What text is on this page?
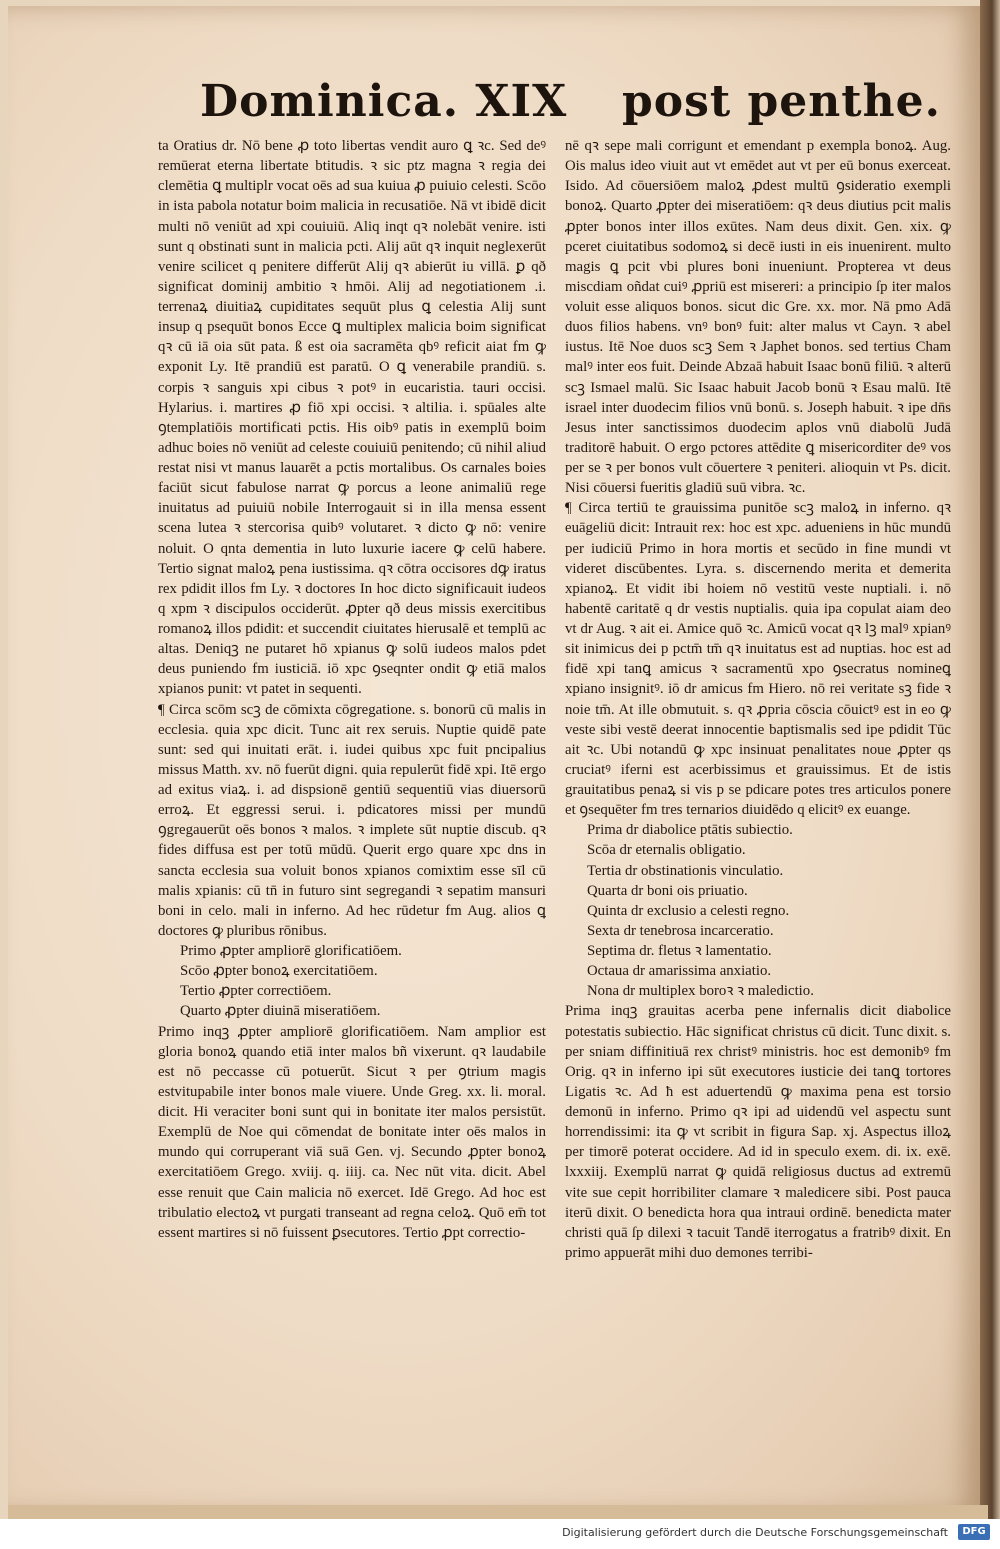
Dominica. XIX post penthe.

ta Oratius dr. Nō bene ꝓ toto libertas vendit auro ꝗ ꝛc. Sed deꝰ remūerat eterna libertate btitudis. ꝛ sic ptz magna ꝛ regia dei clemētia ꝗ multiplr vocat oēs ad sua kuiua ꝓ puiuio celesti. Scōo in ista pabola notatur boim malicia in recusatiōe. Nā vt ibidē dicit multi nō veniūt ad xpi couiuiū. Aliq inqt qꝛ nolebāt venire. isti sunt q obstinati sunt in malicia pcti. Alij aūt qꝛ inquit neglexerūt venire scilicet q penitere differūt Alij qꝛ abierūt iu villā. ꝑ qð significat dominij ambitio ꝛ hmōi. Alij ad negotiationem .i. terrenaꝝ diuitiaꝝ cupiditates sequūt plus ꝗ celestia Alij sunt insup q psequūt bonos Ecce ꝗ multiplex malicia boim significat qꝛ cū iā oia sūt pata. ß est oia sacramēta qbꝰ reficit aiat fm ꝙ exponit Ly. Itē prandiū est paratū. O ꝗ venerabile prandiū. s. corpis ꝛ sanguis xpi cibus ꝛ potꝰ in eucaristia. tauri occisi. Hylarius. i. martires ꝓ fiō xpi occisi. ꝛ altilia. i. spūales alte ꝯtemplatiōis mortificati pctis. His oibꝰ patis in exemplū boim adhuc boies nō veniūt ad celeste couiuiū penitendo; cū nihil aliud restat nisi vt manus lauarēt a pctis mortalibus. Os carnales boies faciūt sicut fabulose narrat ꝙ porcus a leone animaliū rege inuitatus ad puiuiū nobile Interrogauit si in illa mensa essent scena lutea ꝛ stercorisa quibꝰ volutaret. ꝛ dicto ꝙ nō: venire noluit. O qnta dementia in luto luxurie iacere ꝙ celū habere. Tertio signat maloꝝ pena iustissima. qꝛ cōtra occisores dꝙ iratus rex pdidit illos fm Ly. ꝛ doctores In hoc dicto significauit iudeos q xpm ꝛ discipulos occiderūt. ꝓpter qð deus missis exercitibus romanoꝝ illos pdidit: et succendit ciuitates hierusalē et templū ac altas. Deniqꝫ ne putaret hō xpianus ꝙ solū iudeos malos pdet deus puniendo fm iusticiā. iō xpc ꝯseqnter ondit ꝙ etiā malos xpianos punit: vt patet in sequenti.

¶ Circa scōm scꝫ de cōmixta cōgregatione. s. bonorū cū malis in ecclesia. quia xpc dicit. Tunc ait rex seruis. Nuptie quidē pate sunt: sed qui inuitati erāt. i. iudei quibus xpc fuit pncipalius missus Matth. xv. nō fuerūt digni. quia repulerūt fidē xpi. Itē ergo ad exitus viaꝝ. i. ad dispsionē gentiū sequentiū vias diuersorū erroꝝ. Et eggressi serui. i. pdicatores missi per mundū ꝯgregauerūt oēs bonos ꝛ malos. ꝛ implete sūt nuptie discub. qꝛ fides diffusa est per totū mūdū. Querit ergo quare xpc dns in sancta ecclesia sua voluit bonos xpianos comixtim esse sīl cū malis xpianis: cū tn̄ in futuro sint segregandi ꝛ sepatim mansuri boni in celo. mali in inferno. Ad hec rūdetur fm Aug. alios ꝗ doctores ꝙ pluribus rōnibus.

Primo ꝓpter ampliorē glorificatiōem.

Scōo ꝓpter bonoꝝ exercitatiōem.

Tertio ꝓpter correctiōem.

Quarto ꝓpter diuinā miseratiōem.

Primo inqꝫ ꝓpter ampliorē glorificatiōem. Nam amplior est gloria bonoꝝ quando etiā inter malos bñ vixerunt. qꝛ laudabile est nō peccasse cū potuerūt. Sicut ꝛ per ꝯtrium magis estvitupabile inter bonos male viuere. Unde Greg. xx. li. moral. dicit. Hi veraciter boni sunt qui in bonitate iter malos persistūt. Exemplū de Noe qui cōmendat de bonitate inter oēs malos in mundo qui corruperant viā suā Gen. vj. Secundo ꝓpter bonoꝝ exercitatiōem Grego. xviij. q. iiij. ca. Nec nūt vita. dicit. Abel esse renuit que Cain malicia nō exercet. Idē Grego. Ad hoc est tribulatio electoꝝ vt purgati transeant ad regna celoꝝ. Quō em̄ tot essent martires si nō fuissent ꝑsecutores. Tertio ꝓpt correctio-

nē qꝛ sepe mali corrigunt et emendant p exempla bonoꝝ. Aug. Ois malus ideo viuit aut vt emēdet aut vt per eū bonus exerceat. Isido. Ad cōuersiōem maloꝝ ꝓdest multū ꝯsideratio exempli bonoꝝ. Quarto ꝓpter dei miseratiōem: qꝛ deus diutius pcit malis ꝓpter bonos inter illos exūtes. Nam deus dixit. Gen. xix. ꝙ pceret ciuitatibus sodomoꝝ si decē iusti in eis inuenirent. multo magis ꝗ pcit vbi plures boni inueniunt. Propterea vt deus miscdiam oñdat cuiꝰ ꝓpriū est misereri: a principio ſp iter malos voluit esse aliquos bonos. sicut dic Gre. xx. mor. Nā pmo Adā duos filios habens. vnꝰ bonꝰ fuit: alter malus vt Cayn. ꝛ abel iustus. Itē Noe duos scꝫ Sem ꝛ Japhet bonos. sed tertius Cham malꝰ inter eos fuit. Deinde Abzaā habuit Isaac bonū filiū. ꝛ alterū scꝫ Ismael malū. Sic Isaac habuit Jacob bonū ꝛ Esau malū. Itē israel inter duodecim filios vnū bonū. s. Joseph habuit. ꝛ ipe dn̄s Jesus inter sanctissimos duodecim aplos vnū diabolū Judā traditorē habuit. O ergo pctores attēdite ꝗ misericorditer deꝰ vos per se ꝛ per bonos vult cōuertere ꝛ peniteri. alioquin vt Ps. dicit. Nisi cōuersi fueritis gladiū suū vibra. ꝛc.

¶ Circa tertiū te grauissima punitōe scꝫ maloꝝ in inferno. qꝛ euāgeliū dicit: Intrauit rex: hoc est xpc. adueniens in hūc mundū per iudiciū Primo in hora mortis et secūdo in fine mundi vt videret discūbentes. Lyra. s. discernendo merita et demerita xpianoꝝ. Et vidit ibi hoiem nō vestitū veste nuptiali. i. nō habentē caritatē q dr vestis nuptialis. quia ipa copulat aiam deo vt dr Aug. ꝛ ait ei. Amice quō ꝛc. Amicū vocat qꝛ lꝫ malꝰ xpianꝰ sit inimicus dei p pctm̄ tm̄ qꝛ inuitatus est ad nuptias. hoc est ad fidē xpi tanꝗ amicus ꝛ sacramentū xpo ꝯsecratus nomineꝗ xpiano insignitꝰ. iō dr amicus fm Hiero. nō rei veritate sꝫ fide ꝛ noie tm̄. At ille obmutuit. s. qꝛ ꝓpria cōscia cōuictꝰ est in eo ꝙ veste sibi vestē deerat innocentie baptismalis sed ipe pdidit Tūc ait ꝛc. Ubi notandū ꝙ xpc insinuat penalitates noue ꝓpter qs cruciatꝰ iferni est acerbissimus et grauissimus. Et de istis grauitatibus penaꝝ si vis p se pdicare potes tres articulos ponere et ꝯsequēter fm tres ternarios diuidēdo q elicitꝰ ex euange.

Prima dr diabolice ptātis subiectio.

Scōa dr eternalis obligatio.

Tertia dr obstinationis vinculatio.

Quarta dr boni ois priuatio.

Quinta dr exclusio a celesti regno.

Sexta dr tenebrosa incarceratio.

Septima dr. fletus ꝛ lamentatio.

Octaua dr amarissima anxiatio.

Nona dr multiplex boroꝛ ꝛ maledictio.

Prima inqꝫ grauitas acerba pene infernalis dicit diabolice potestatis subiectio. Hāc significat christus cū dicit. Tunc dixit. s. per sniam diffinitiuā rex christꝰ ministris. hoc est demonibꝰ fm Orig. qꝛ in inferno ipi sūt executores iusticie dei tanꝗ tortores Ligatis ꝛc. Ad ħ est aduertendū ꝙ maxima pena est torsio demonū in inferno. Primo qꝛ ipi ad uidendū vel aspectu sunt horrendissimi: ita ꝙ vt scribit in figura Sap. xj. Aspectus illoꝝ per timorē poterat occidere. Ad id in speculo exem. di. ix. exē. lxxxiij. Exemplū narrat ꝙ quidā religiosus ductus ad extremū vite sue cepit horribiliter clamare ꝛ maledicere sibi. Post pauca iterū dixit. O benedicta hora qua intraui ordinē. benedicta mater christi quā ſp dilexi ꝛ tacuit Tandē iterrogatus a fratribꝰ dixit. En primo appuerāt mihi duo demones terribi-

Digitalisierung gefördert durch die Deutsche Forschungsgemeinschaft	DFG
